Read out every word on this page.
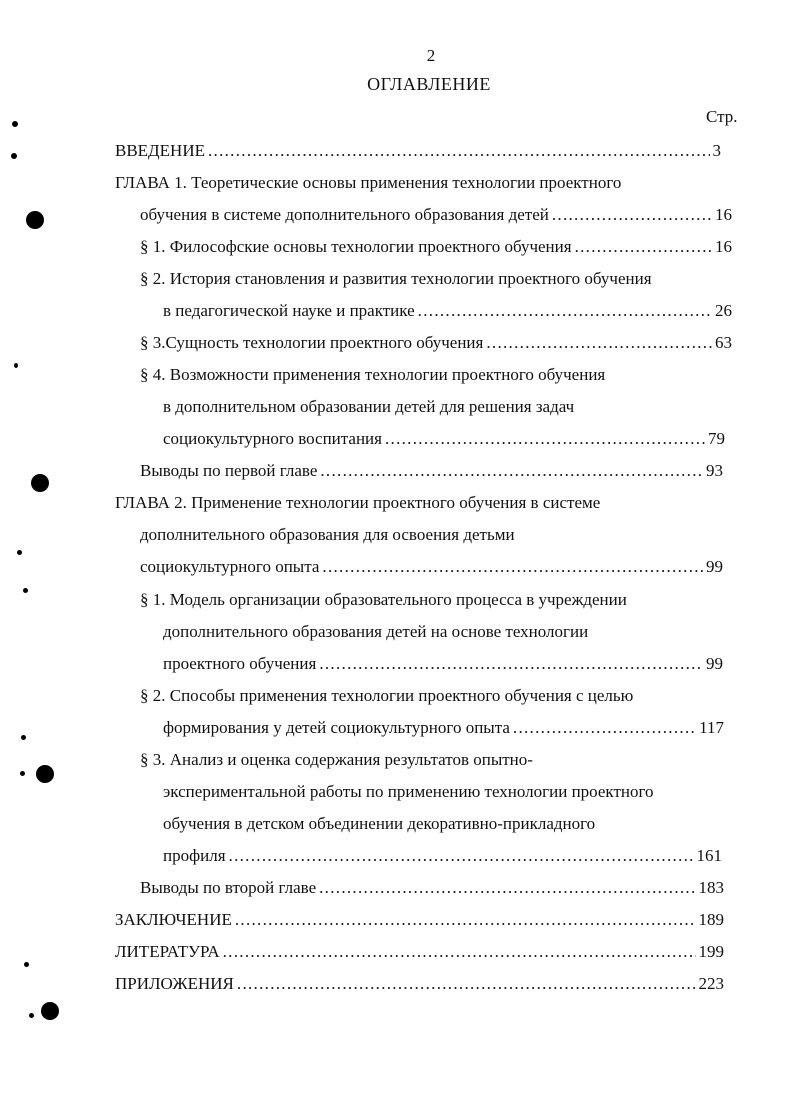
2
ОГЛАВЛЕНИЕ
Стр.
ВВЕДЕНИЕ .....	3
ГЛАВА 1. Теоретические основы применения технологии проектного
обучения в системе дополнительного образования детей .....	16
§ 1. Философские основы технологии проектного обучения .....	16
§ 2. История становления и развития технологии проектного обучения
в педагогической науке и практике .....	26
§ 3.Сущность технологии проектного обучения .....	63
§ 4. Возможности применения технологии проектного обучения
в дополнительном образовании детей для решения задач
социокультурного воспитания .....	79
Выводы по первой главе .....	93
ГЛАВА 2. Применение технологии проектного обучения в системе
дополнительного образования для освоения детьми
социокультурного опыта .....	99
§ 1. Модель организации образовательного процесса в учреждении
дополнительного образования детей на основе технологии
проектного обучения .....	99
§ 2. Способы применения технологии проектного обучения с целью
формирования у детей социокультурного опыта .....	117
§ 3. Анализ и оценка содержания результатов опытно-
экспериментальной работы по применению технологии проектного
обучения в детском объединении декоративно-прикладного
профиля .....	161
Выводы по второй главе .....	183
ЗАКЛЮЧЕНИЕ .....	189
ЛИТЕРАТУРА .....	199
ПРИЛОЖЕНИЯ .....	223
